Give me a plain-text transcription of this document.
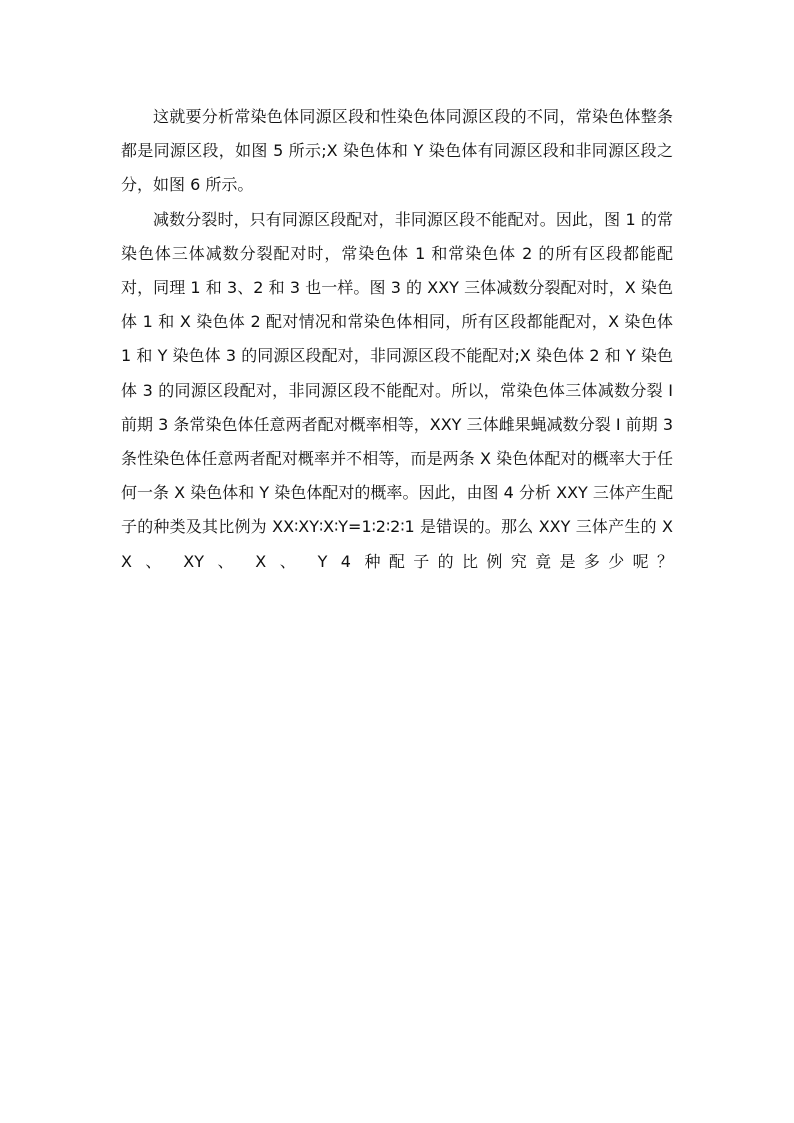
这就要分析常染色体同源区段和性染色体同源区段的不同，常染色体整条都是同源区段，如图 5 所示;X 染色体和 Y 染色体有同源区段和非同源区段之分，如图 6 所示。

减数分裂时，只有同源区段配对，非同源区段不能配对。因此，图 1 的常染色体三体减数分裂配对时，常染色体 1 和常染色体 2 的所有区段都能配对，同理 1 和 3、2 和 3 也一样。图 3 的 XXY 三体减数分裂配对时，X 染色体 1 和 X 染色体 2 配对情况和常染色体相同，所有区段都能配对，X 染色体 1 和 Y 染色体 3 的同源区段配对，非同源区段不能配对;X 染色体 2 和 Y 染色体 3 的同源区段配对，非同源区段不能配对。所以，常染色体三体减数分裂 I 前期 3 条常染色体任意两者配对概率相等，XXY 三体雌果蝇减数分裂 I 前期 3 条性染色体任意两者配对概率并不相等，而是两条 X 染色体配对的概率大于任何一条 X 染色体和 Y 染色体配对的概率。因此，由图 4 分析 XXY 三体产生配子的种类及其比例为 XX∶XY∶X∶Y=1∶2∶2∶1 是错误的。那么 XXY 三体产生的 XX 、 XY 、 X 、 Y 4 种配子的比例究竟是多少呢？
